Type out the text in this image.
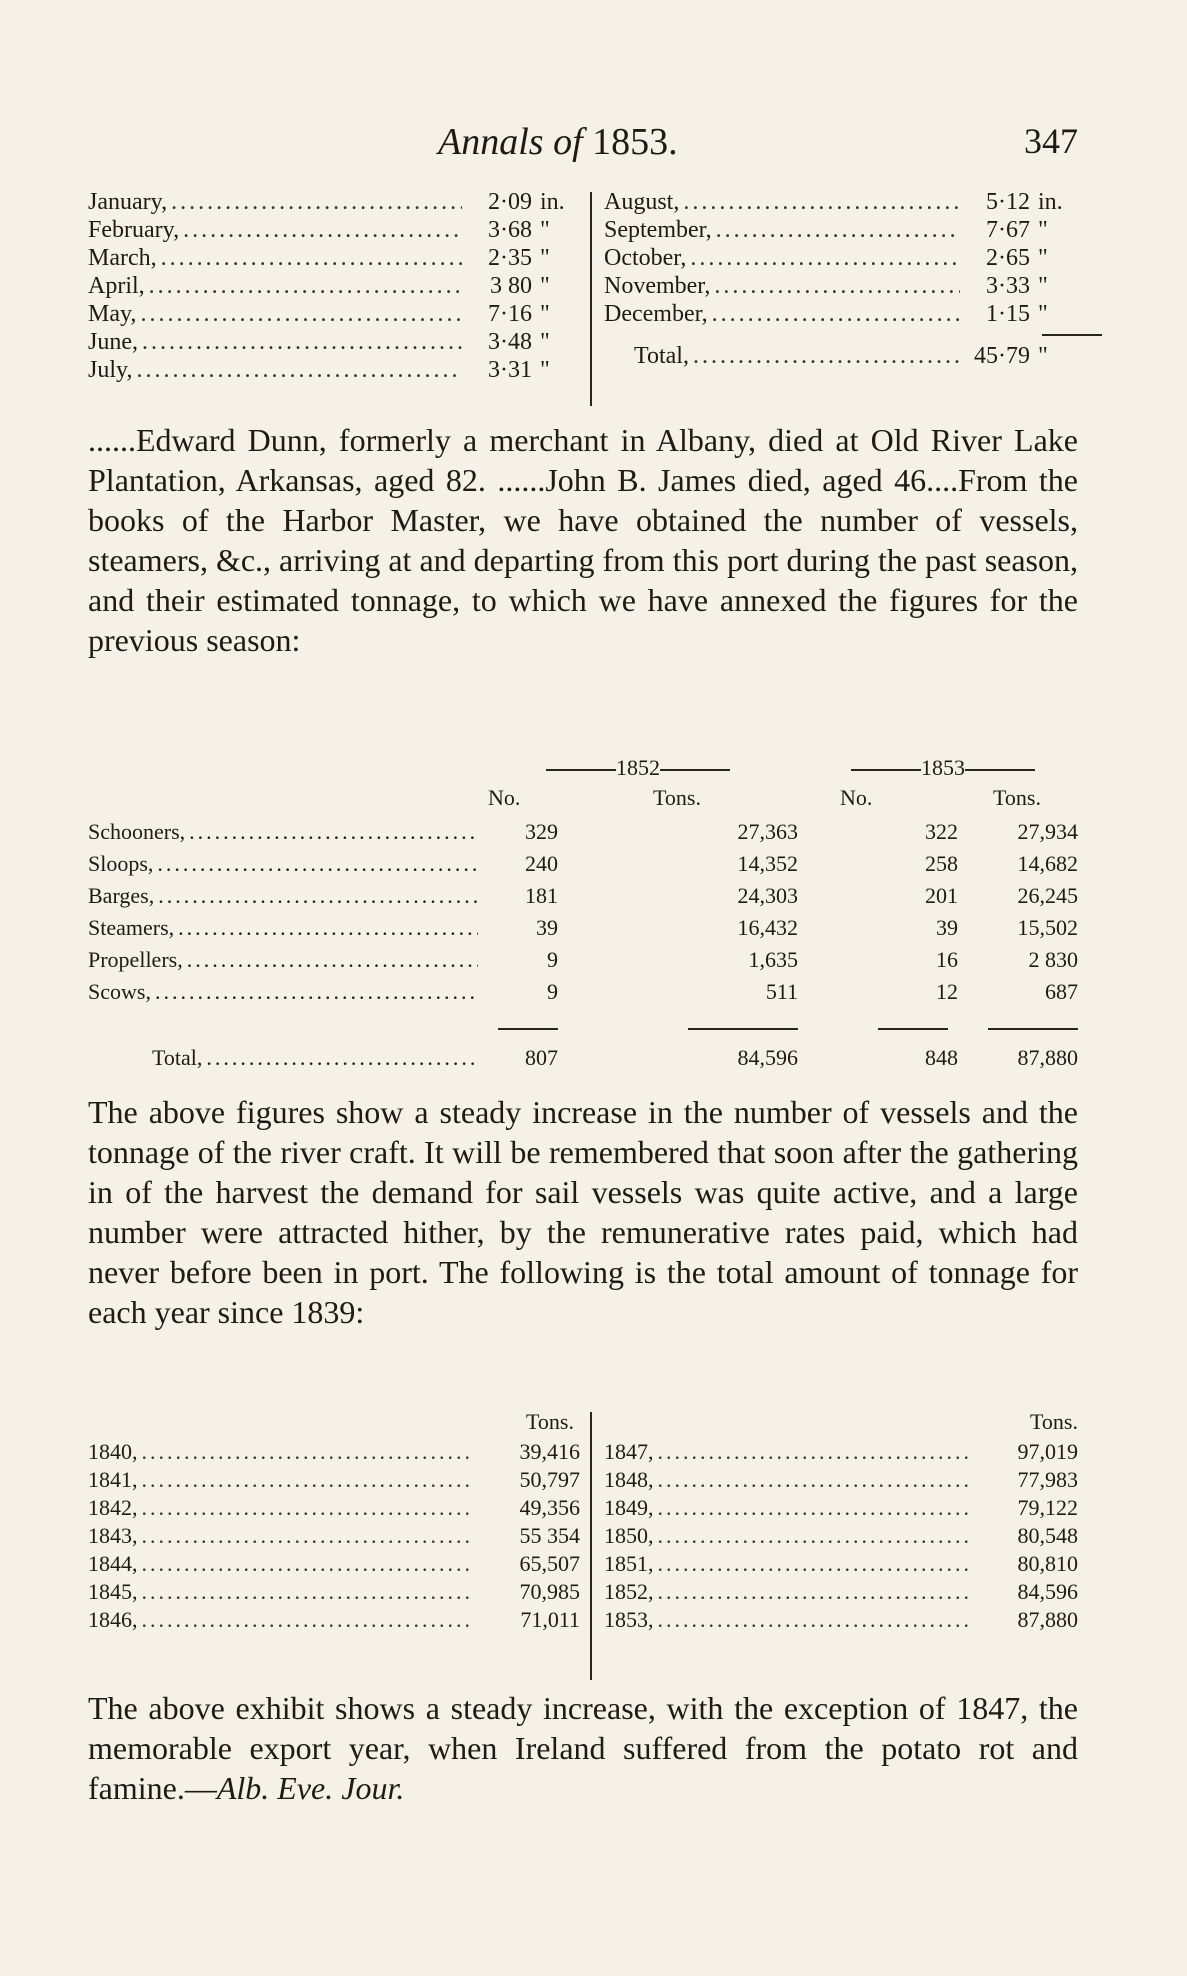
Annals of 1853.	347
January, .....	2·09 in.
February, .....	3·68 "
March, .....	2·35 "
April, .....	3 80 "
May, .....	7·16 "
June, .....	3·48 "
July, .....	3·31 "
August, .....	5·12 in.
September, .....	7·67 "
October, .....	2·65 "
November, .....	3·33 "
December, .....	1·15 "
Total, .....	45·79 "

......Edward Dunn, formerly a merchant in Albany, died at Old River Lake Plantation, Arkansas, aged 82. ......John B. James died, aged 46....From the books of the Harbor Master, we have obtained the number of vessels, steamers, &c., arriving at and departing from this port during the past season, and their estimated tonnage, to which we have annexed the figures for the previous season:

1852	1853
No.	Tons.	No.	Tons.
Schooners, .....	329	27,363	322	27,934
Sloops, .....	240	14,352	258	14,682
Barges, .....	181	24,303	201	26,245
Steamers, .....	39	16,432	39	15,502
Propellers, .....	9	1,635	16	2 830
Scows, .....	9	511	12	687
Total, .....	807	84,596	848	87,880

The above figures show a steady increase in the number of vessels and the tonnage of the river craft. It will be remembered that soon after the gathering in of the harvest the demand for sail vessels was quite active, and a large number were attracted hither, by the remunerative rates paid, which had never before been in port. The following is the total amount of tonnage for each year since 1839:

Tons.
1840, .....	39,416
1841, .....	50,797
1842, .....	49,356
1843, .....	55 354
1844, .....	65,507
1845, .....	70,985
1846, .....	71,011
Tons.
1847, .....	97,019
1848, .....	77,983
1849, .....	79,122
1850, .....	80,548
1851, .....	80,810
1852, .....	84,596
1853, .....	87,880

The above exhibit shows a steady increase, with the exception of 1847, the memorable export year, when Ireland suffered from the potato rot and famine.—Alb. Eve. Jour.
